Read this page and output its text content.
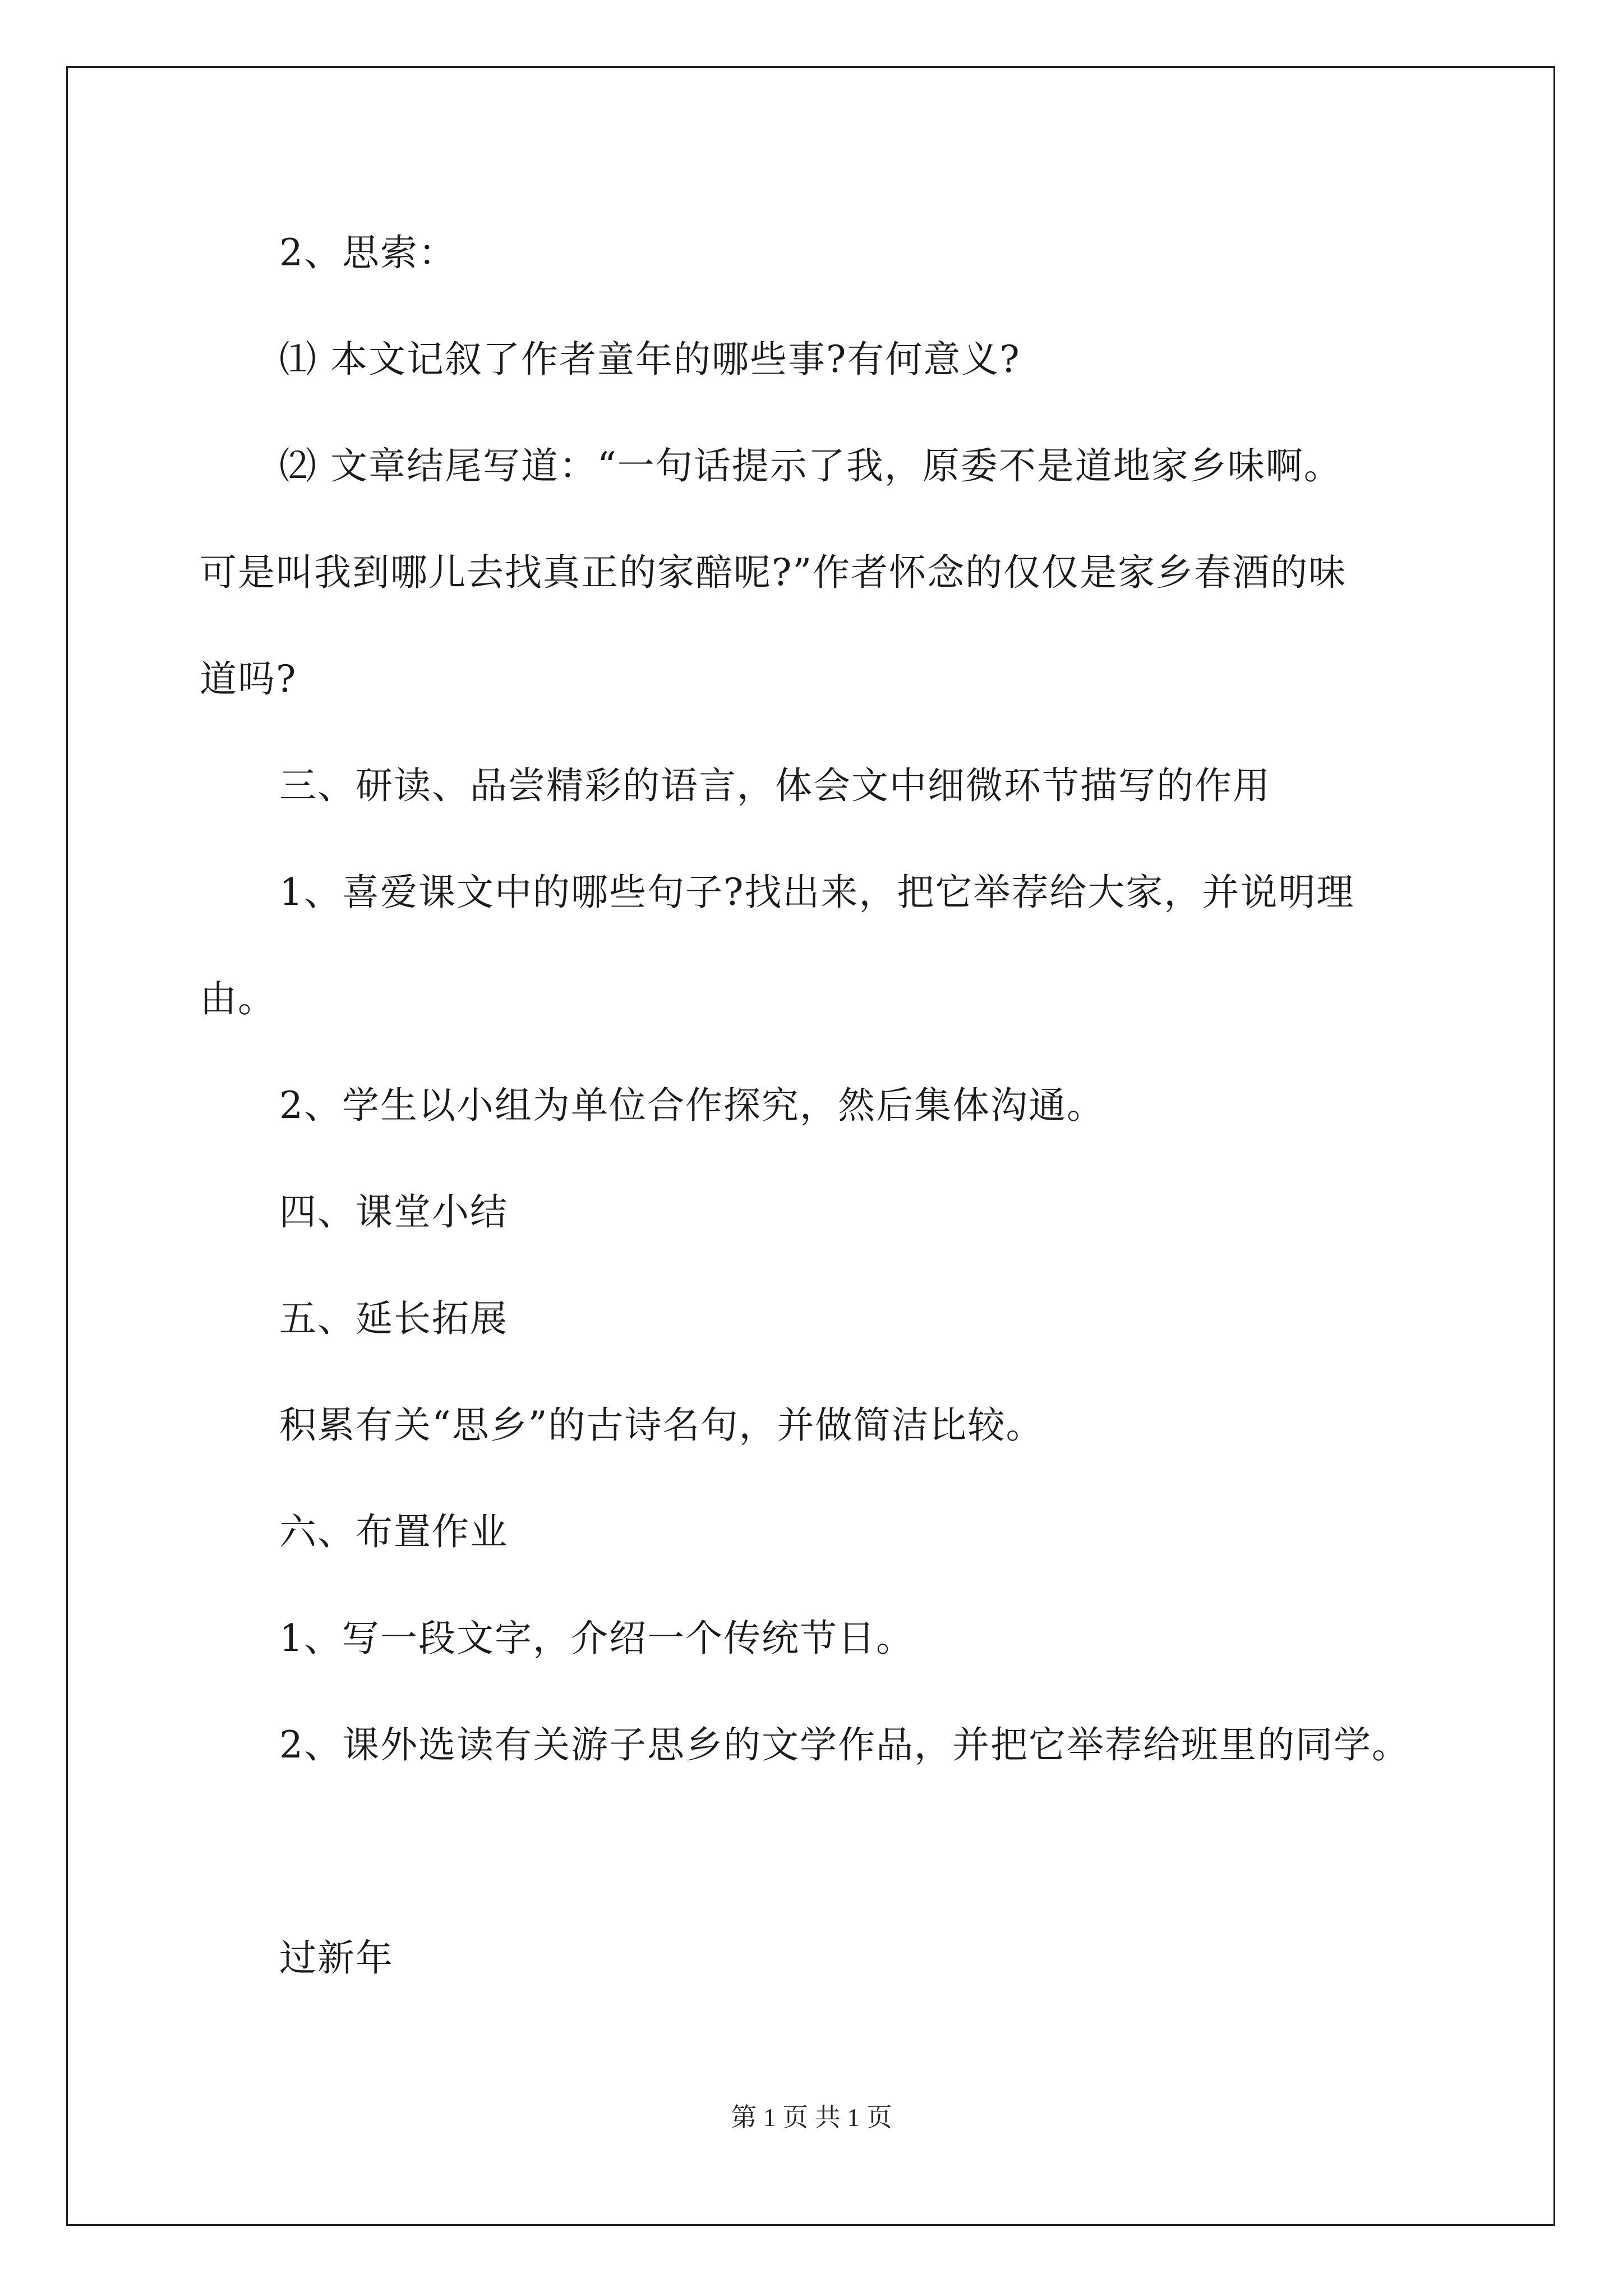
2、思索：
⑴ 本文记叙了作者童年的哪些事?有何意义?
⑵ 文章结尾写道：“一句话提示了我，原委不是道地家乡味啊。
可是叫我到哪儿去找真正的家醅呢?”作者怀念的仅仅是家乡春酒的味
道吗?
三、研读、品尝精彩的语言，体会文中细微环节描写的作用
1、喜爱课文中的哪些句子?找出来，把它举荐给大家，并说明理
由。
2、学生以小组为单位合作探究，然后集体沟通。
四、课堂小结
五、延长拓展
积累有关“思乡”的古诗名句，并做简洁比较。
六、布置作业
1、写一段文字，介绍一个传统节日。
2、课外选读有关游子思乡的文学作品，并把它举荐给班里的同学。
过新年
第 1 页 共 1 页
